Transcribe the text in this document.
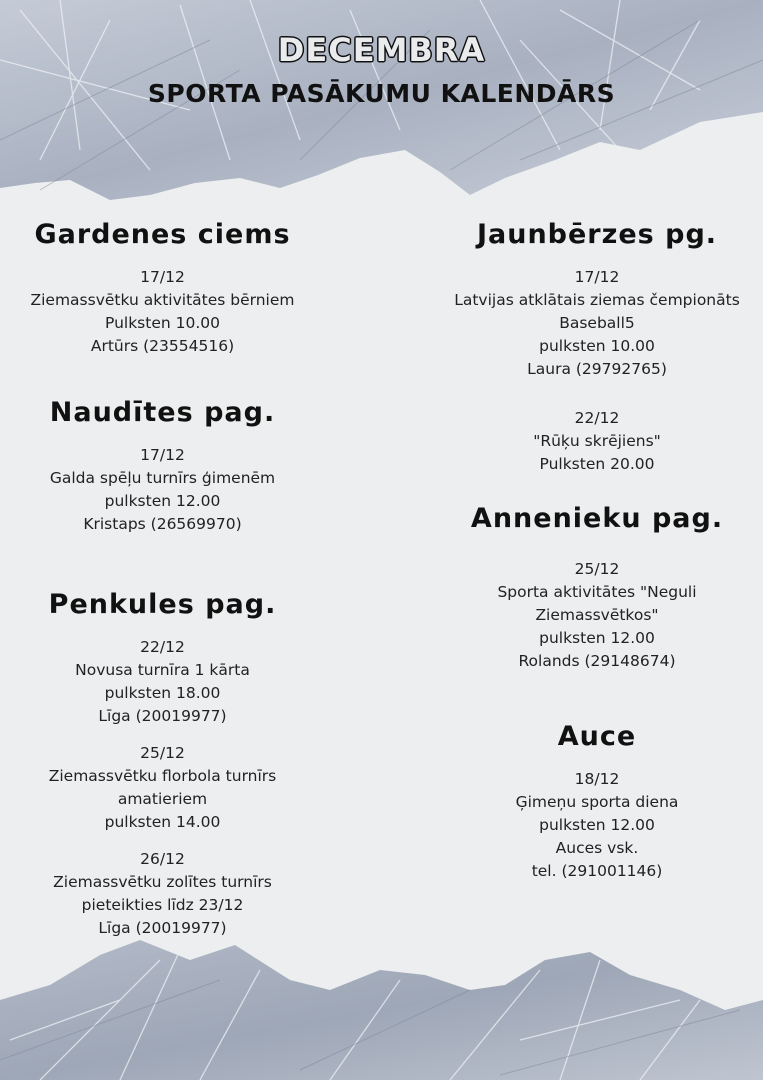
DECEMBRA
SPORTA PASĀKUMU KALENDĀRS
Gardenes ciems
17/12
Ziemassvētku aktivitātes bērniem
Pulksten 10.00
Artūrs (23554516)
Naudītes pag.
17/12
Galda spēļu turnīrs ģimenēm
pulksten 12.00
Kristaps (26569970)
Penkules pag.
22/12
Novusa turnīra 1 kārta
pulksten 18.00
Līga (20019977)
25/12
Ziemassvētku florbola turnīrs
amatieriem
pulksten 14.00
26/12
Ziemassvētku zolītes turnīrs
pieteikties līdz 23/12
Līga (20019977)
Jaunbērzes pg.
17/12
Latvijas atklātais ziemas čempionāts
Baseball5
pulksten 10.00
Laura (29792765)
22/12
"Rūķu skrējiens"
Pulksten 20.00
Annenieku pag.
25/12
Sporta aktivitātes "Neguli
Ziemassvētkos"
pulksten 12.00
Rolands (29148674)
Auce
18/12
Ģimeņu sporta diena
pulksten 12.00
Auces vsk.
tel. (291001146)
